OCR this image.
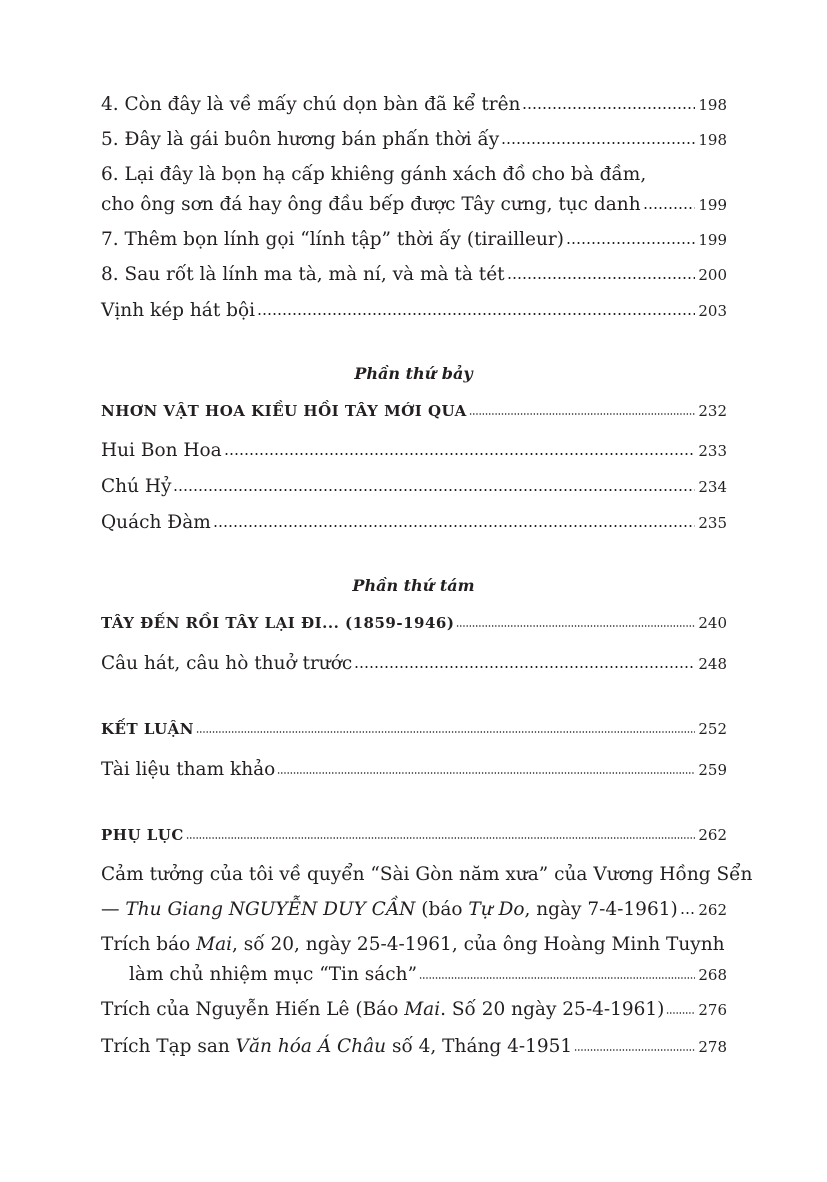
4. Còn đây là về mấy chú dọn bàn đã kể trên	198
5. Đây là gái buôn hương bán phấn thời ấy	198
6. Lại đây là bọn hạ cấp khiêng gánh xách đồ cho bà đầm,
cho ông sơn đá hay ông đầu bếp được Tây cưng, tục danh	199
7. Thêm bọn lính gọi “lính tập” thời ấy (tirailleur)	199
8. Sau rốt là lính ma tà, mà ní, và mà tà tét	200
Vịnh kép hát bội	203
Phần thứ bảy
NHƠN VẬT HOA KIỀU HỒI TÂY MỚI QUA	232
Hui Bon Hoa	233
Chú Hỷ	234
Quách Đàm	235
Phần thứ tám
TÂY ĐẾN RỒI TÂY LẠI ĐI... (1859-1946)	240
Câu hát, câu hò thuở trước	248
KẾT LUẬN	252
Tài liệu tham khảo	259
PHỤ LỤC	262
Cảm tưởng của tôi về quyển “Sài Gòn năm xưa” của Vương Hồng Sển
— Thu Giang NGUYỄN DUY CẦN (báo Tự Do, ngày 7-4-1961) 262
Trích báo Mai, số 20, ngày 25-4-1961, của ông Hoàng Minh Tuynh
làm chủ nhiệm mục “Tin sách”	268
Trích của Nguyễn Hiến Lê (Báo Mai. Số 20 ngày 25-4-1961) 276
Trích Tạp san Văn hóa Á Châu số 4, Tháng 4-1951	278
